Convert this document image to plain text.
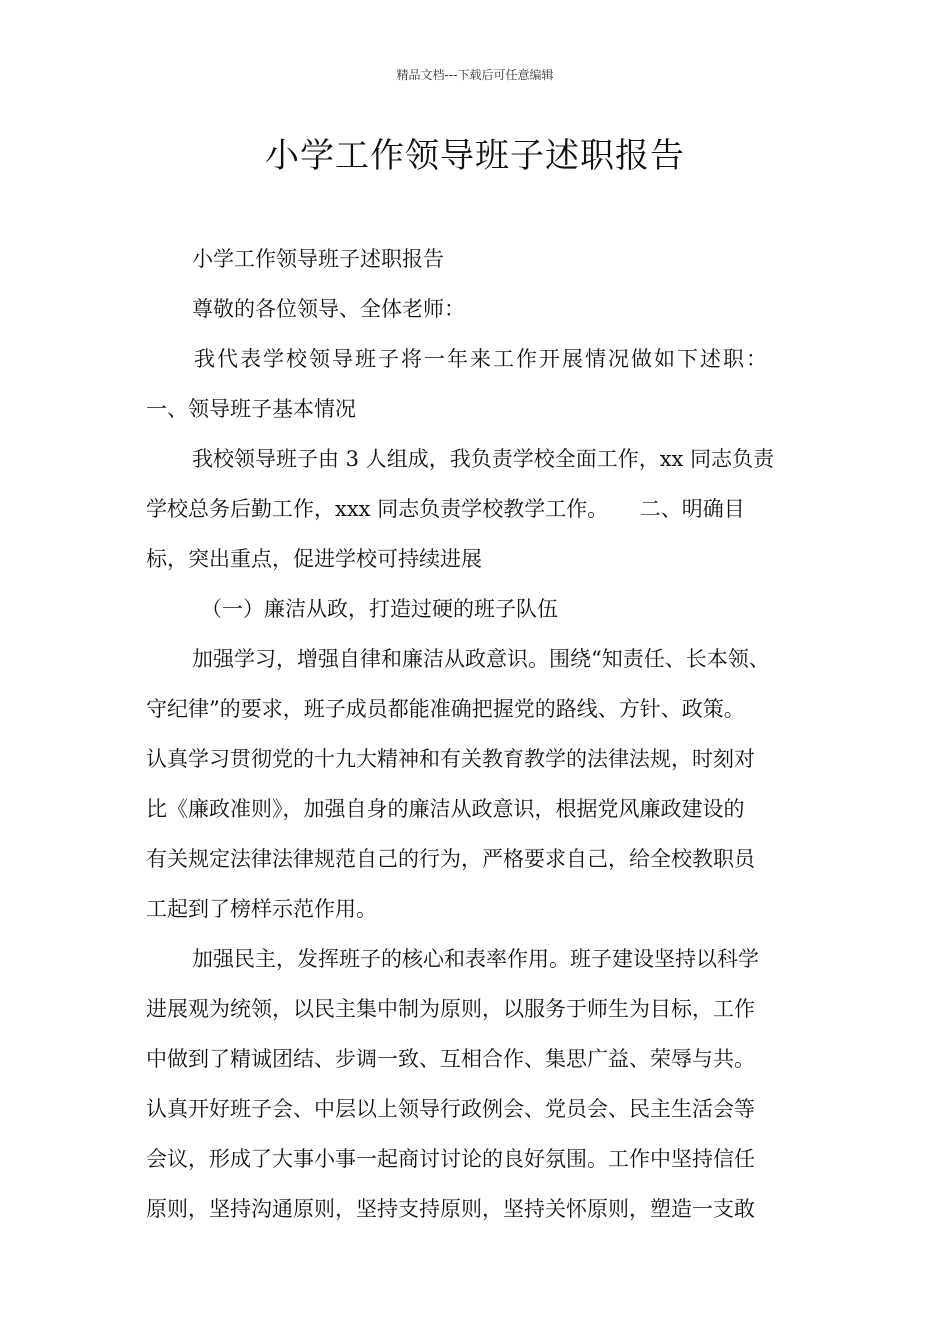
精品文档---下载后可任意编辑
小学工作领导班子述职报告
小学工作领导班子述职报告
尊敬的各位领导、全体老师：
我代表学校领导班子将一年来工作开展情况做如下述职：
一、领导班子基本情况
我校领导班子由 3 人组成，我负责学校全面工作，xx 同志负责
学校总务后勤工作，xxx 同志负责学校教学工作。　　二、明确目
标，突出重点，促进学校可持续进展
（一）廉洁从政，打造过硬的班子队伍
加强学习，增强自律和廉洁从政意识。围绕“知责任、长本领、
守纪律”的要求，班子成员都能准确把握党的路线、方针、政策。
认真学习贯彻党的十九大精神和有关教育教学的法律法规，时刻对
比《廉政准则》，加强自身的廉洁从政意识，根据党风廉政建设的
有关规定法律法律规范自己的行为，严格要求自己，给全校教职员
工起到了榜样示范作用。
加强民主，发挥班子的核心和表率作用。班子建设坚持以科学
进展观为统领，以民主集中制为原则，以服务于师生为目标，工作
中做到了精诚团结、步调一致、互相合作、集思广益、荣辱与共。
认真开好班子会、中层以上领导行政例会、党员会、民主生活会等
会议，形成了大事小事一起商讨讨论的良好氛围。工作中坚持信任
原则，坚持沟通原则，坚持支持原则，坚持关怀原则，塑造一支敢
